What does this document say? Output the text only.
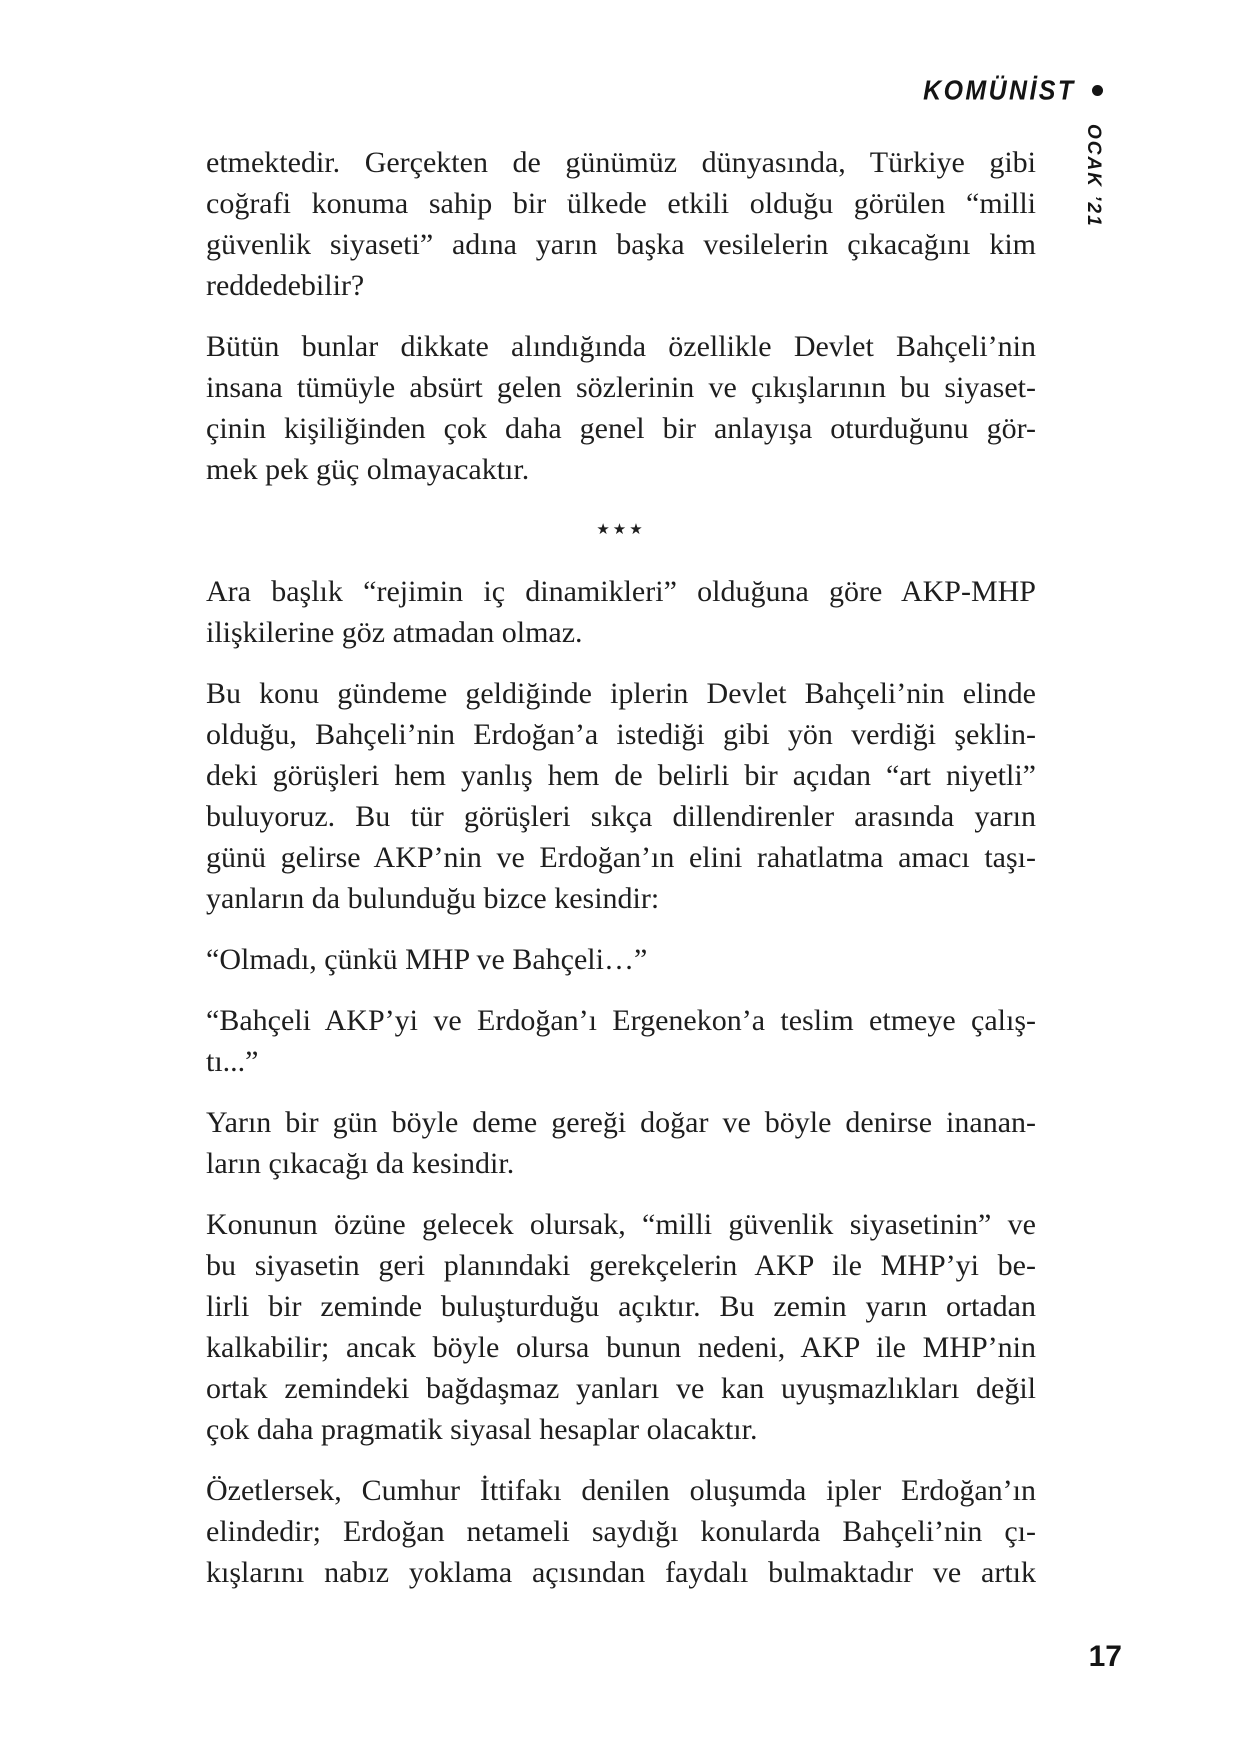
KOMÜNİST
OCAK ’21

etmektedir. Gerçekten de günümüz dünyasında, Türkiye gibi
coğrafi konuma sahip bir ülkede etkili olduğu görülen “milli
güvenlik siyaseti” adına yarın başka vesilelerin çıkacağını kim
reddedebilir?

Bütün bunlar dikkate alındığında özellikle Devlet Bahçeli’nin
insana tümüyle absürt gelen sözlerinin ve çıkışlarının bu siyaset-
çinin kişiliğinden çok daha genel bir anlayışa oturduğunu gör-
mek pek güç olmayacaktır.

★★★

Ara başlık “rejimin iç dinamikleri” olduğuna göre AKP-MHP
ilişkilerine göz atmadan olmaz.

Bu konu gündeme geldiğinde iplerin Devlet Bahçeli’nin elinde
olduğu, Bahçeli’nin Erdoğan’a istediği gibi yön verdiği şeklin-
deki görüşleri hem yanlış hem de belirli bir açıdan “art niyetli”
buluyoruz. Bu tür görüşleri sıkça dillendirenler arasında yarın
günü gelirse AKP’nin ve Erdoğan’ın elini rahatlatma amacı taşı-
yanların da bulunduğu bizce kesindir:

“Olmadı, çünkü MHP ve Bahçeli…”

“Bahçeli AKP’yi ve Erdoğan’ı Ergenekon’a teslim etmeye çalış-
tı...”

Yarın bir gün böyle deme gereği doğar ve böyle denirse inanan-
ların çıkacağı da kesindir.

Konunun özüne gelecek olursak, “milli güvenlik siyasetinin” ve
bu siyasetin geri planındaki gerekçelerin AKP ile MHP’yi be-
lirli bir zeminde buluşturduğu açıktır. Bu zemin yarın ortadan
kalkabilir; ancak böyle olursa bunun nedeni, AKP ile MHP’nin
ortak zemindeki bağdaşmaz yanları ve kan uyuşmazlıkları değil
çok daha pragmatik siyasal hesaplar olacaktır.

Özetlersek, Cumhur İttifakı denilen oluşumda ipler Erdoğan’ın
elindedir; Erdoğan netameli saydığı konularda Bahçeli’nin çı-
kışlarını nabız yoklama açısından faydalı bulmaktadır ve artık

17
